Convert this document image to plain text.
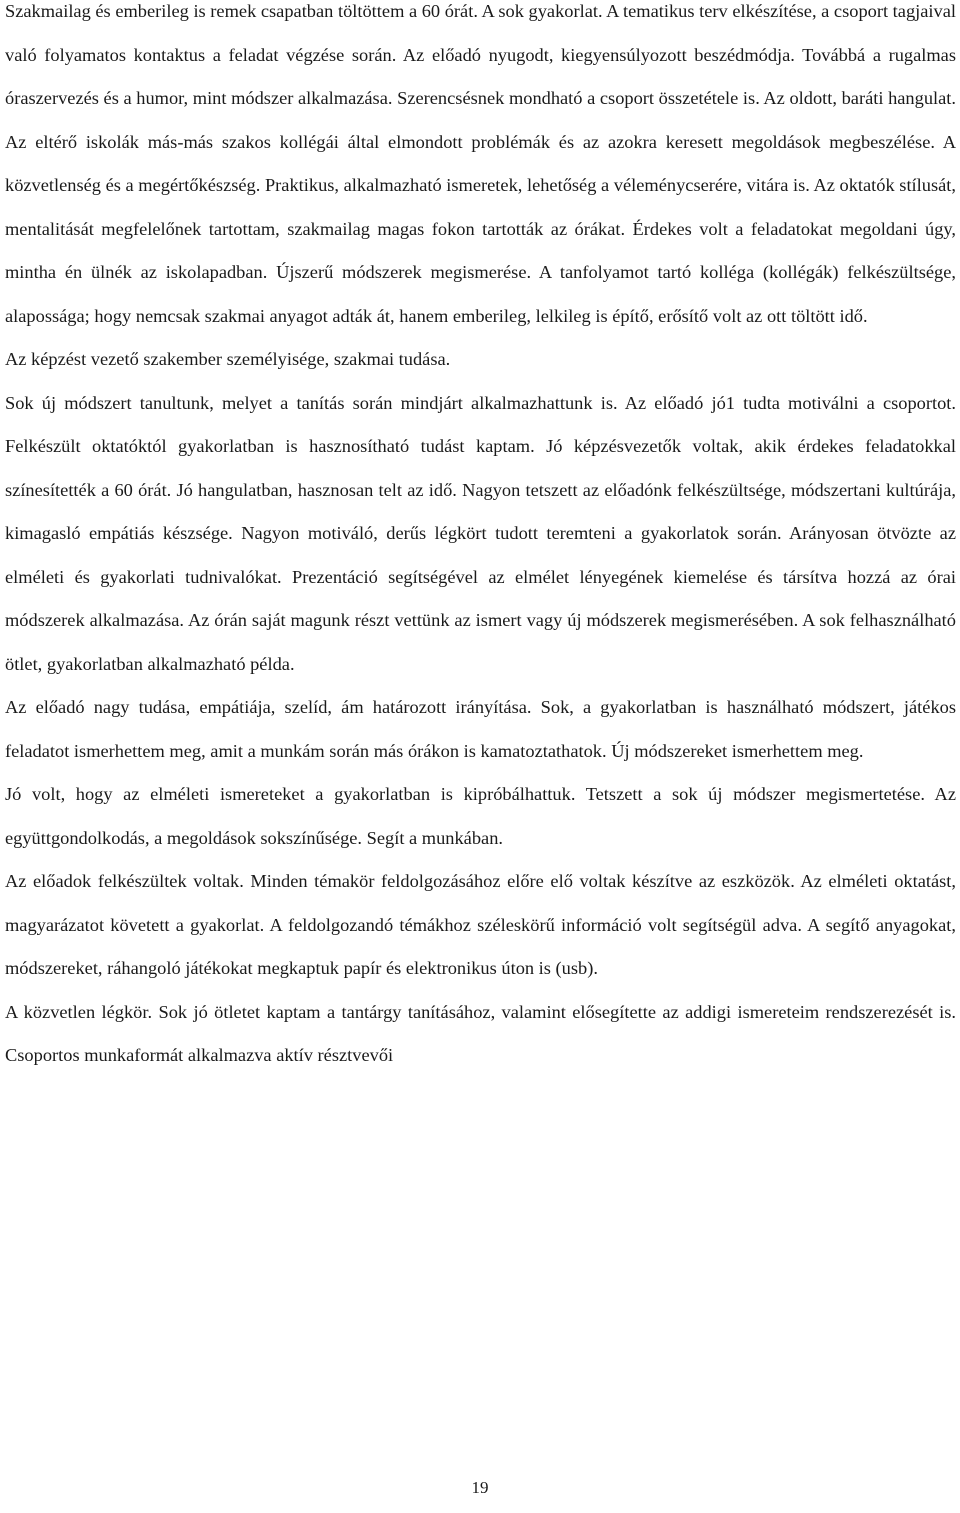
Szakmailag és emberileg is remek csapatban töltöttem a 60 órát. A sok gyakorlat. A tematikus terv elkészítése, a csoport tagjaival való folyamatos kontaktus a feladat végzése során. Az előadó nyugodt, kiegyensúlyozott beszédmódja. Továbbá a rugalmas óraszervezés és a humor, mint módszer alkalmazása. Szerencsésnek mondható a csoport összetétele is. Az oldott, baráti hangulat. Az eltérő iskolák más-más szakos kollégái által elmondott problémák és az azokra keresett megoldások megbeszélése. A közvetlenség és a megértőkészség. Praktikus, alkalmazható ismeretek, lehetőség a véleménycserére, vitára is. Az oktatók stílusát, mentalitását megfelelőnek tartottam, szakmailag magas fokon tartották az órákat. Érdekes volt a feladatokat megoldani úgy, mintha én ülnék az iskolapadban. Újszerű módszerek megismerése. A tanfolyamot tartó kolléga (kollégák) felkészültsége, alapossága; hogy nemcsak szakmai anyagot adták át, hanem emberileg, lelkileg is építő, erősítő volt az ott töltött idő.

Az képzést vezető szakember személyisége, szakmai tudása.

Sok új módszert tanultunk, melyet a tanítás során mindjárt alkalmazhattunk is. Az előadó jó1 tudta motiválni a csoportot. Felkészült oktatóktól gyakorlatban is hasznosítható tudást kaptam. Jó képzésvezetők voltak, akik érdekes feladatokkal színesítették a 60 órát. Jó hangulatban, hasznosan telt az idő. Nagyon tetszett az előadónk felkészültsége, módszertani kultúrája, kimagasló empátiás készsége. Nagyon motiváló, derűs légkört tudott teremteni a gyakorlatok során. Arányosan ötvözte az elméleti és gyakorlati tudnivalókat. Prezentáció segítségével az elmélet lényegének kiemelése és társítva hozzá az órai módszerek alkalmazása. Az órán saját magunk részt vettünk az ismert vagy új módszerek megismerésében. A sok felhasználható ötlet, gyakorlatban alkalmazható példa.

Az előadó nagy tudása, empátiája, szelíd, ám határozott irányítása. Sok, a gyakorlatban is használható módszert, játékos feladatot ismerhettem meg, amit a munkám során más órákon is kamatoztathatok. Új módszereket ismerhettem meg.

Jó volt, hogy az elméleti ismereteket a gyakorlatban is kipróbálhattuk. Tetszett a sok új módszer megismertetése. Az együttgondolkodás, a megoldások sokszínűsége. Segít a munkában.

Az előadok felkészültek voltak. Minden témakör feldolgozásához előre elő voltak készítve az eszközök. Az elméleti oktatást, magyarázatot követett a gyakorlat. A feldolgozandó témákhoz széleskörű információ volt segítségül adva. A segítő anyagokat, módszereket, ráhangoló játékokat megkaptuk papír és elektronikus úton is (usb).

A közvetlen légkör. Sok jó ötletet kaptam a tantárgy tanításához, valamint elősegítette az addigi ismereteim rendszerezését is. Csoportos munkaformát alkalmazva aktív résztvevői

19
